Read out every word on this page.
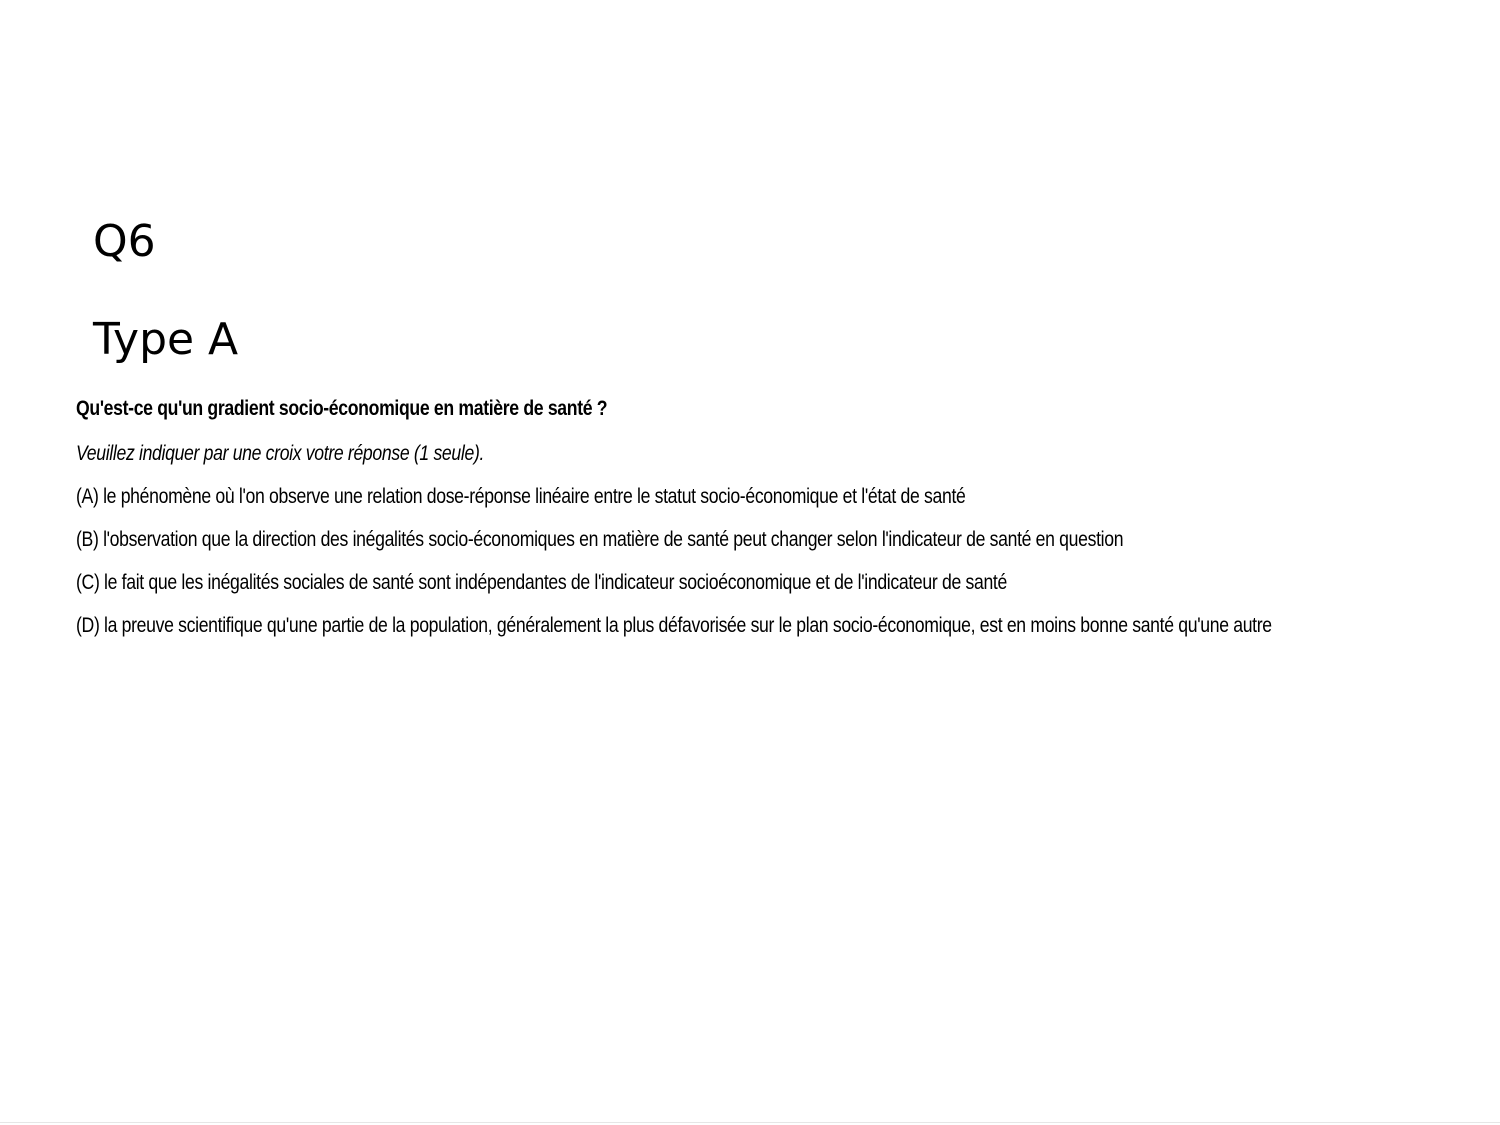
Q6
Type A

Qu'est-ce qu'un gradient socio-économique en matière de santé ?

Veuillez indiquer par une croix votre réponse (1 seule).

(A) le phénomène où l'on observe une relation dose-réponse linéaire entre le statut socio-économique et l'état de santé

(B) l'observation que la direction des inégalités socio-économiques en matière de santé peut changer selon l'indicateur de santé en question

(C) le fait que les inégalités sociales de santé sont indépendantes de l'indicateur socioéconomique et de l'indicateur de santé

(D) la preuve scientifique qu'une partie de la population, généralement la plus défavorisée sur le plan socio-économique, est en moins bonne santé qu'une autre
